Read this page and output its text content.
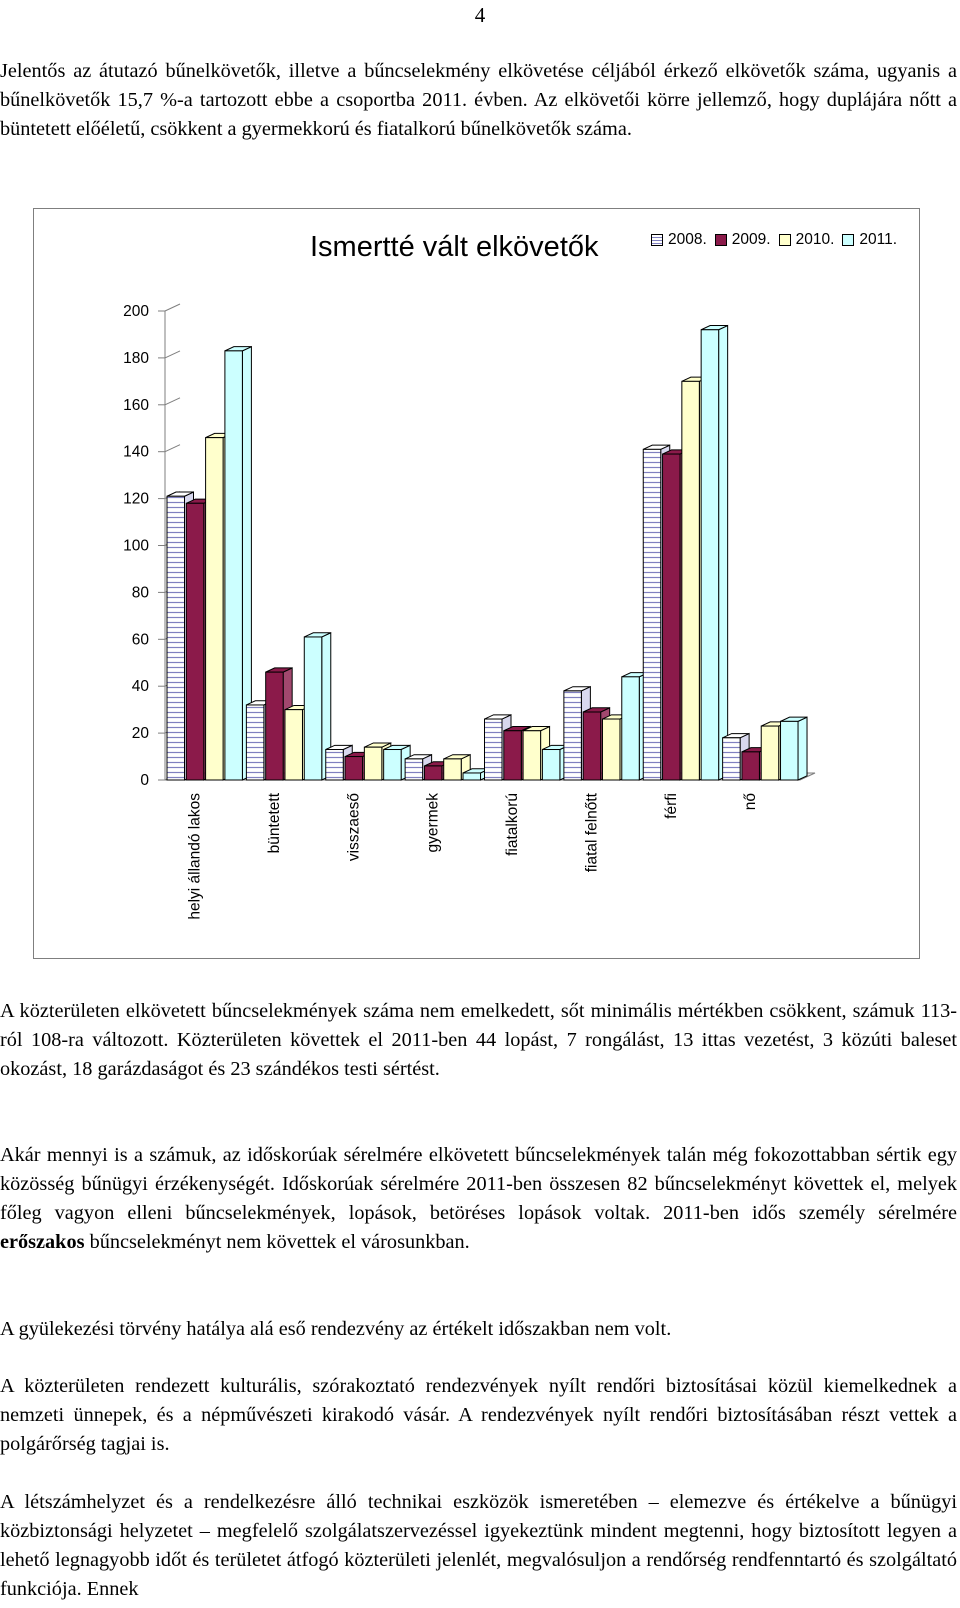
4

Jelentős az átutazó bűnelkövetők, illetve a bűncselekmény elkövetése céljából érkező elkövetők száma, ugyanis a bűnelkövetők 15,7 %-a tartozott ebbe a csoportba 2011. évben. Az elkövetői körre jellemző, hogy duplájára nőtt a büntetett előéletű, csökkent a gyermekkorú és fiatalkorú bűnelkövetők száma.

Ismertté vált elkövetők	2008. 2009. 2010. 2011.
0
20
40
60
80
100
120
140
160
180
200
helyi állandó lakos	büntetett	visszaeső	gyermek	fiatalkorú	fiatal felnőtt	férfi	nő

A közterületen elkövetett bűncselekmények száma nem emelkedett, sőt minimális mértékben csökkent, számuk 113-ról 108-ra változott. Közterületen követtek el 2011-ben 44 lopást, 7 rongálást, 13 ittas vezetést, 3 közúti baleset okozást, 18 garázdaságot és 23 szándékos testi sértést.

Akár mennyi is a számuk, az időskorúak sérelmére elkövetett bűncselekmények talán még fokozottabban sértik egy közösség bűnügyi érzékenységét. Időskorúak sérelmére 2011-ben összesen 82 bűncselekményt követtek el, melyek főleg vagyon elleni bűncselekmények, lopások, betöréses lopások voltak. 2011-ben idős személy sérelmére erőszakos bűncselekményt nem követtek el városunkban.

A gyülekezési törvény hatálya alá eső rendezvény az értékelt időszakban nem volt.

A közterületen rendezett kulturális, szórakoztató rendezvények nyílt rendőri biztosításai közül kiemelkednek a nemzeti ünnepek, és a népművészeti kirakodó vásár. A rendezvények nyílt rendőri biztosításában részt vettek a polgárőrség tagjai is.

A létszámhelyzet és a rendelkezésre álló technikai eszközök ismeretében – elemezve és értékelve a bűnügyi közbiztonsági helyzetet – megfelelő szolgálatszervezéssel igyekeztünk mindent megtenni, hogy biztosított legyen a lehető legnagyobb időt és területet átfogó közterületi jelenlét, megvalósuljon a rendőrség rendfenntartó és szolgáltató funkciója. Ennek
